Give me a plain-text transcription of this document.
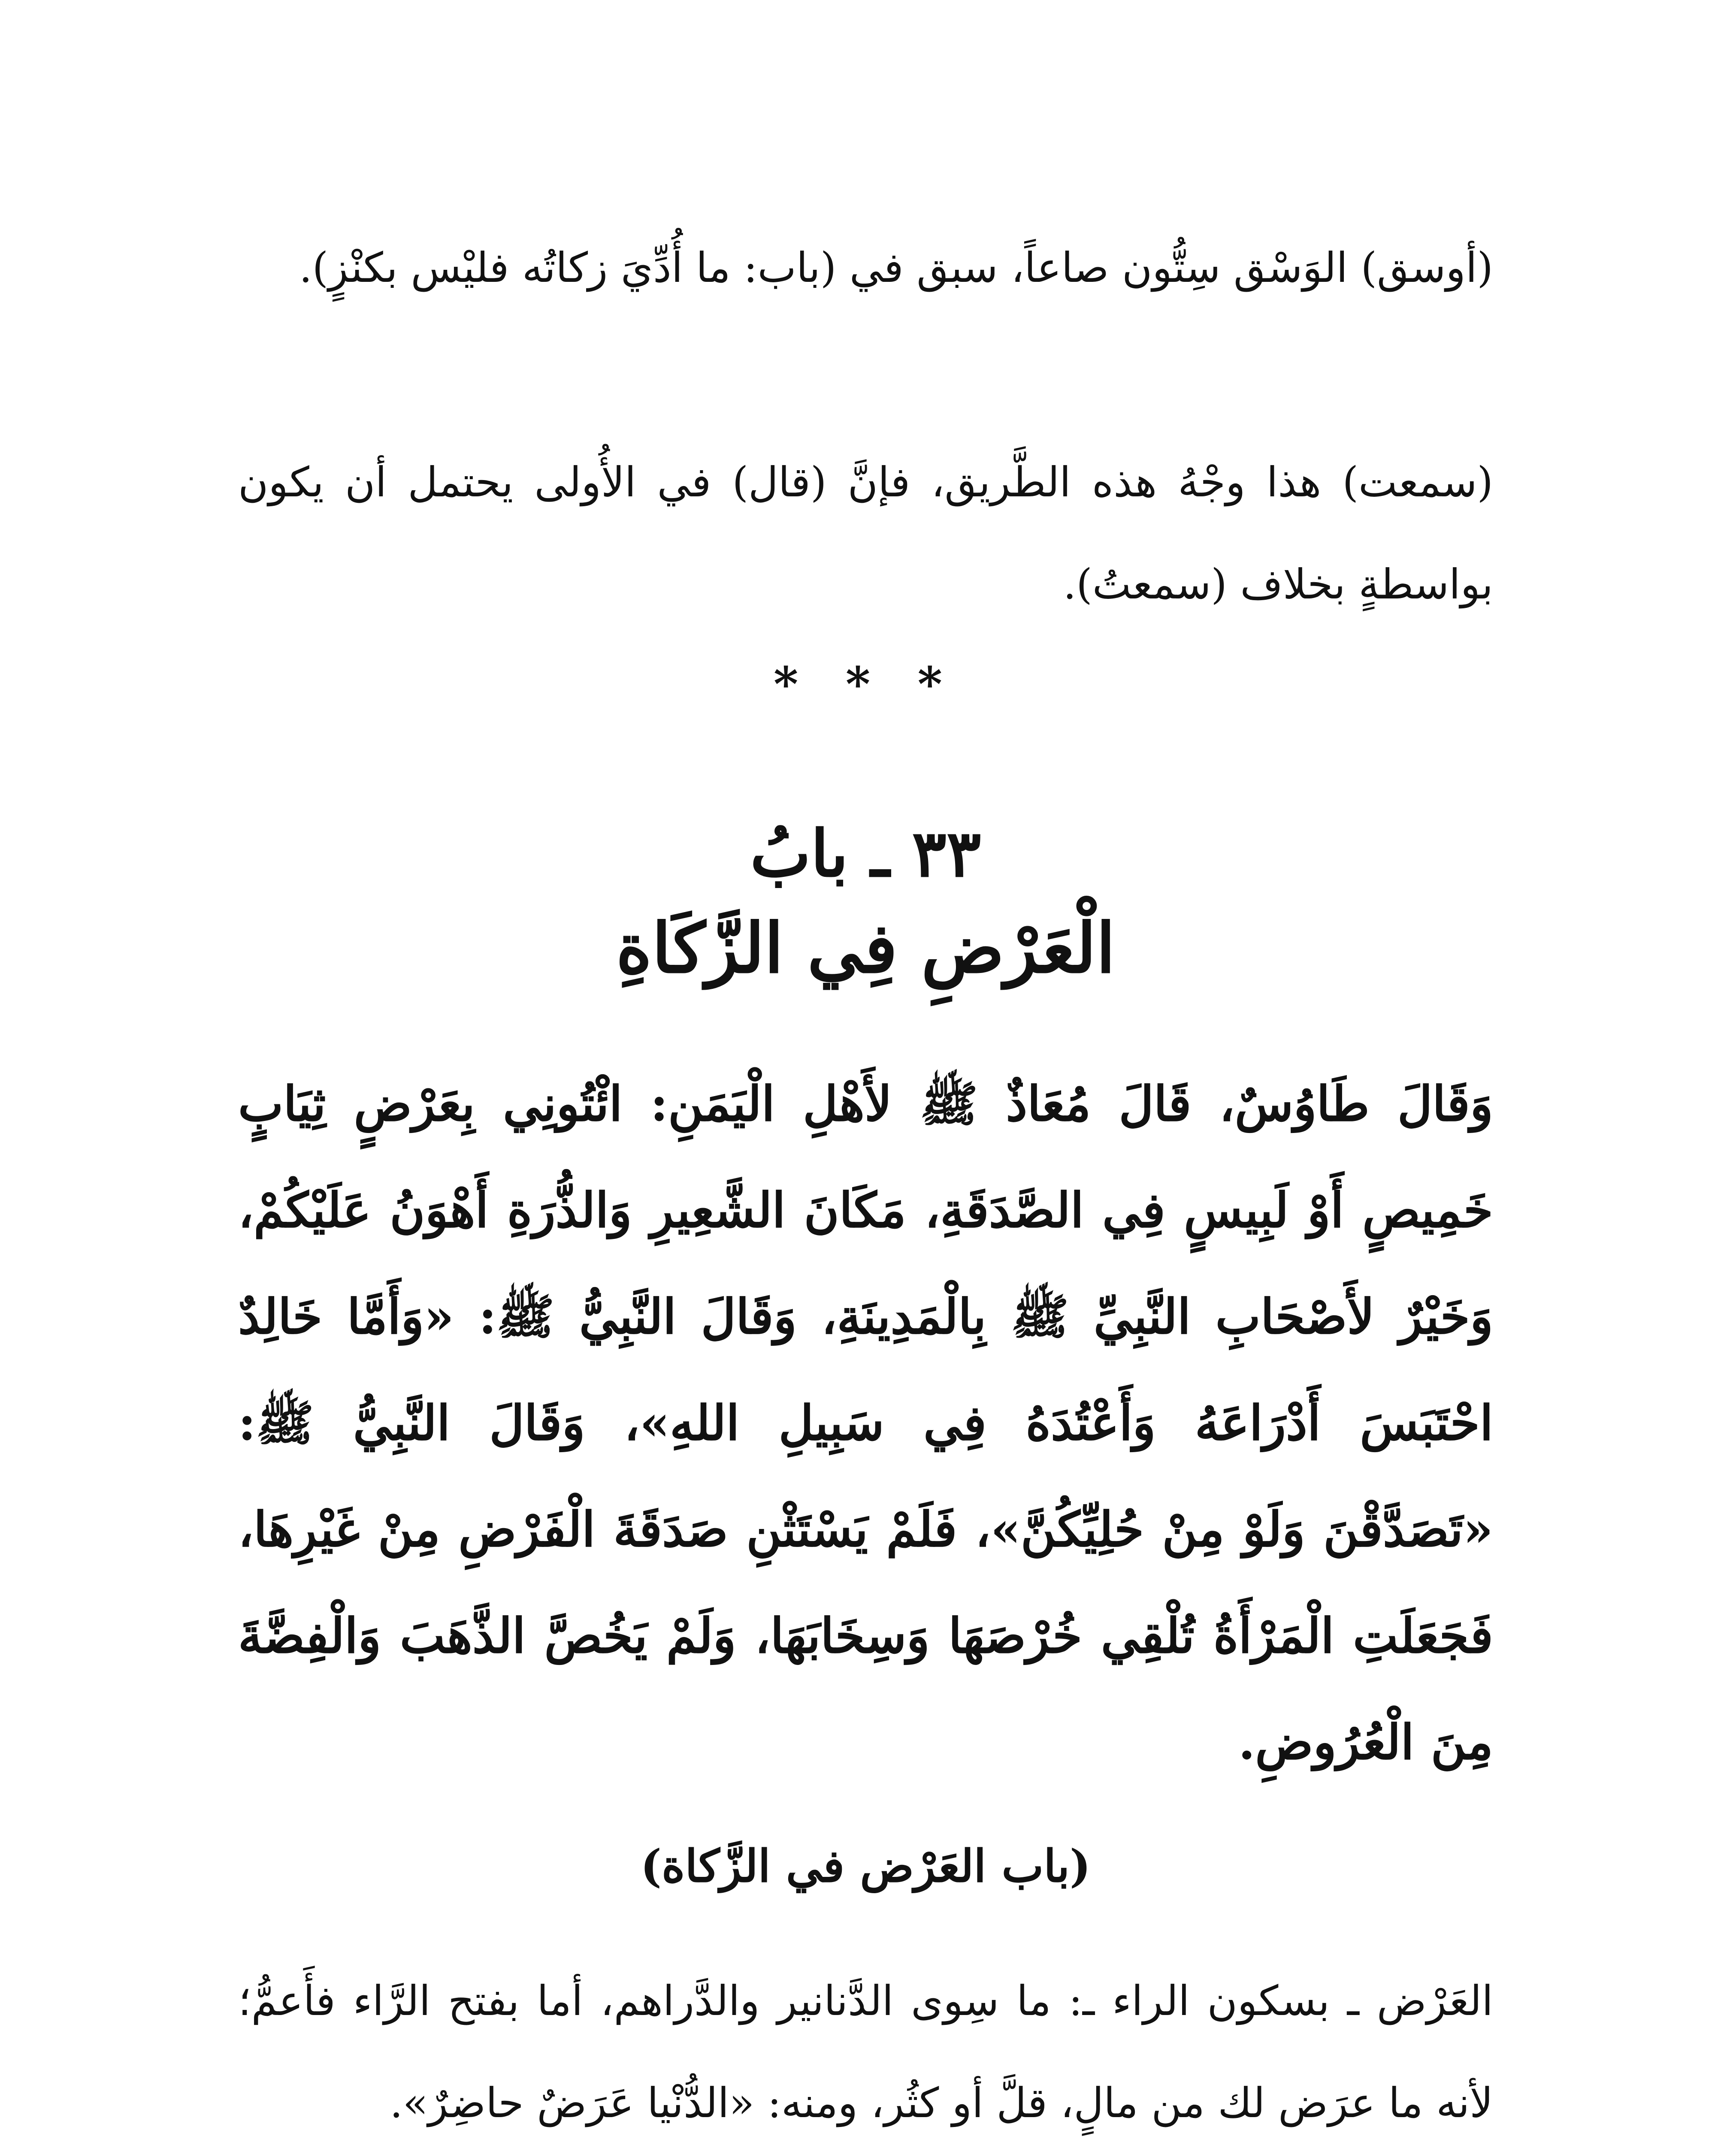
(أوسق) الوَسْق سِتُّون صاعاً، سبق في (باب: ما أُدِّيَ زكاتُه فليْس بكنْزٍ).

(سمعت) هذا وجْهُ هذه الطَّريق، فإنَّ (قال) في الأُولى يحتمل أن يكون بواسطةٍ بخلاف (سمعتُ).

* * *
٣٣ ـ بابُ
الْعَرْضِ فِي الزَّكَاةِ

وَقَالَ طَاوُسٌ، قَالَ مُعَاذٌ ﷺ لأَهْلِ الْيَمَنِ: ائْتُونِي بِعَرْضٍ ثِيَابٍ خَمِيصٍ أَوْ لَبِيسٍ فِي الصَّدَقَةِ، مَكَانَ الشَّعِيرِ وَالذُّرَةِ أَهْوَنُ عَلَيْكُمْ، وَخَيْرٌ لأَصْحَابِ النَّبِيِّ ﷺ بِالْمَدِينَةِ، وَقَالَ النَّبِيُّ ﷺ: «وَأَمَّا خَالِدٌ احْتَبَسَ أَدْرَاعَهُ وَأَعْتُدَهُ فِي سَبِيلِ اللهِ»، وَقَالَ النَّبِيُّ ﷺ: «تَصَدَّقْنَ وَلَوْ مِنْ حُلِيِّكُنَّ»، فَلَمْ يَسْتَثْنِ صَدَقَةَ الْفَرْضِ مِنْ غَيْرِهَا، فَجَعَلَتِ الْمَرْأَةُ تُلْقِي خُرْصَهَا وَسِخَابَهَا، وَلَمْ يَخُصَّ الذَّهَبَ وَالْفِضَّةَ مِنَ الْعُرُوضِ.

(باب العَرْض في الزَّكاة)

العَرْض ـ بسكون الراء ـ: ما سِوى الدَّنانير والدَّراهم، أما بفتح الرَّاء فأَعمُّ؛ لأنه ما عرَض لك من مالٍ، قلَّ أو كثُر، ومنه: «الدُّنْيا عَرَضٌ حاضِرٌ».
